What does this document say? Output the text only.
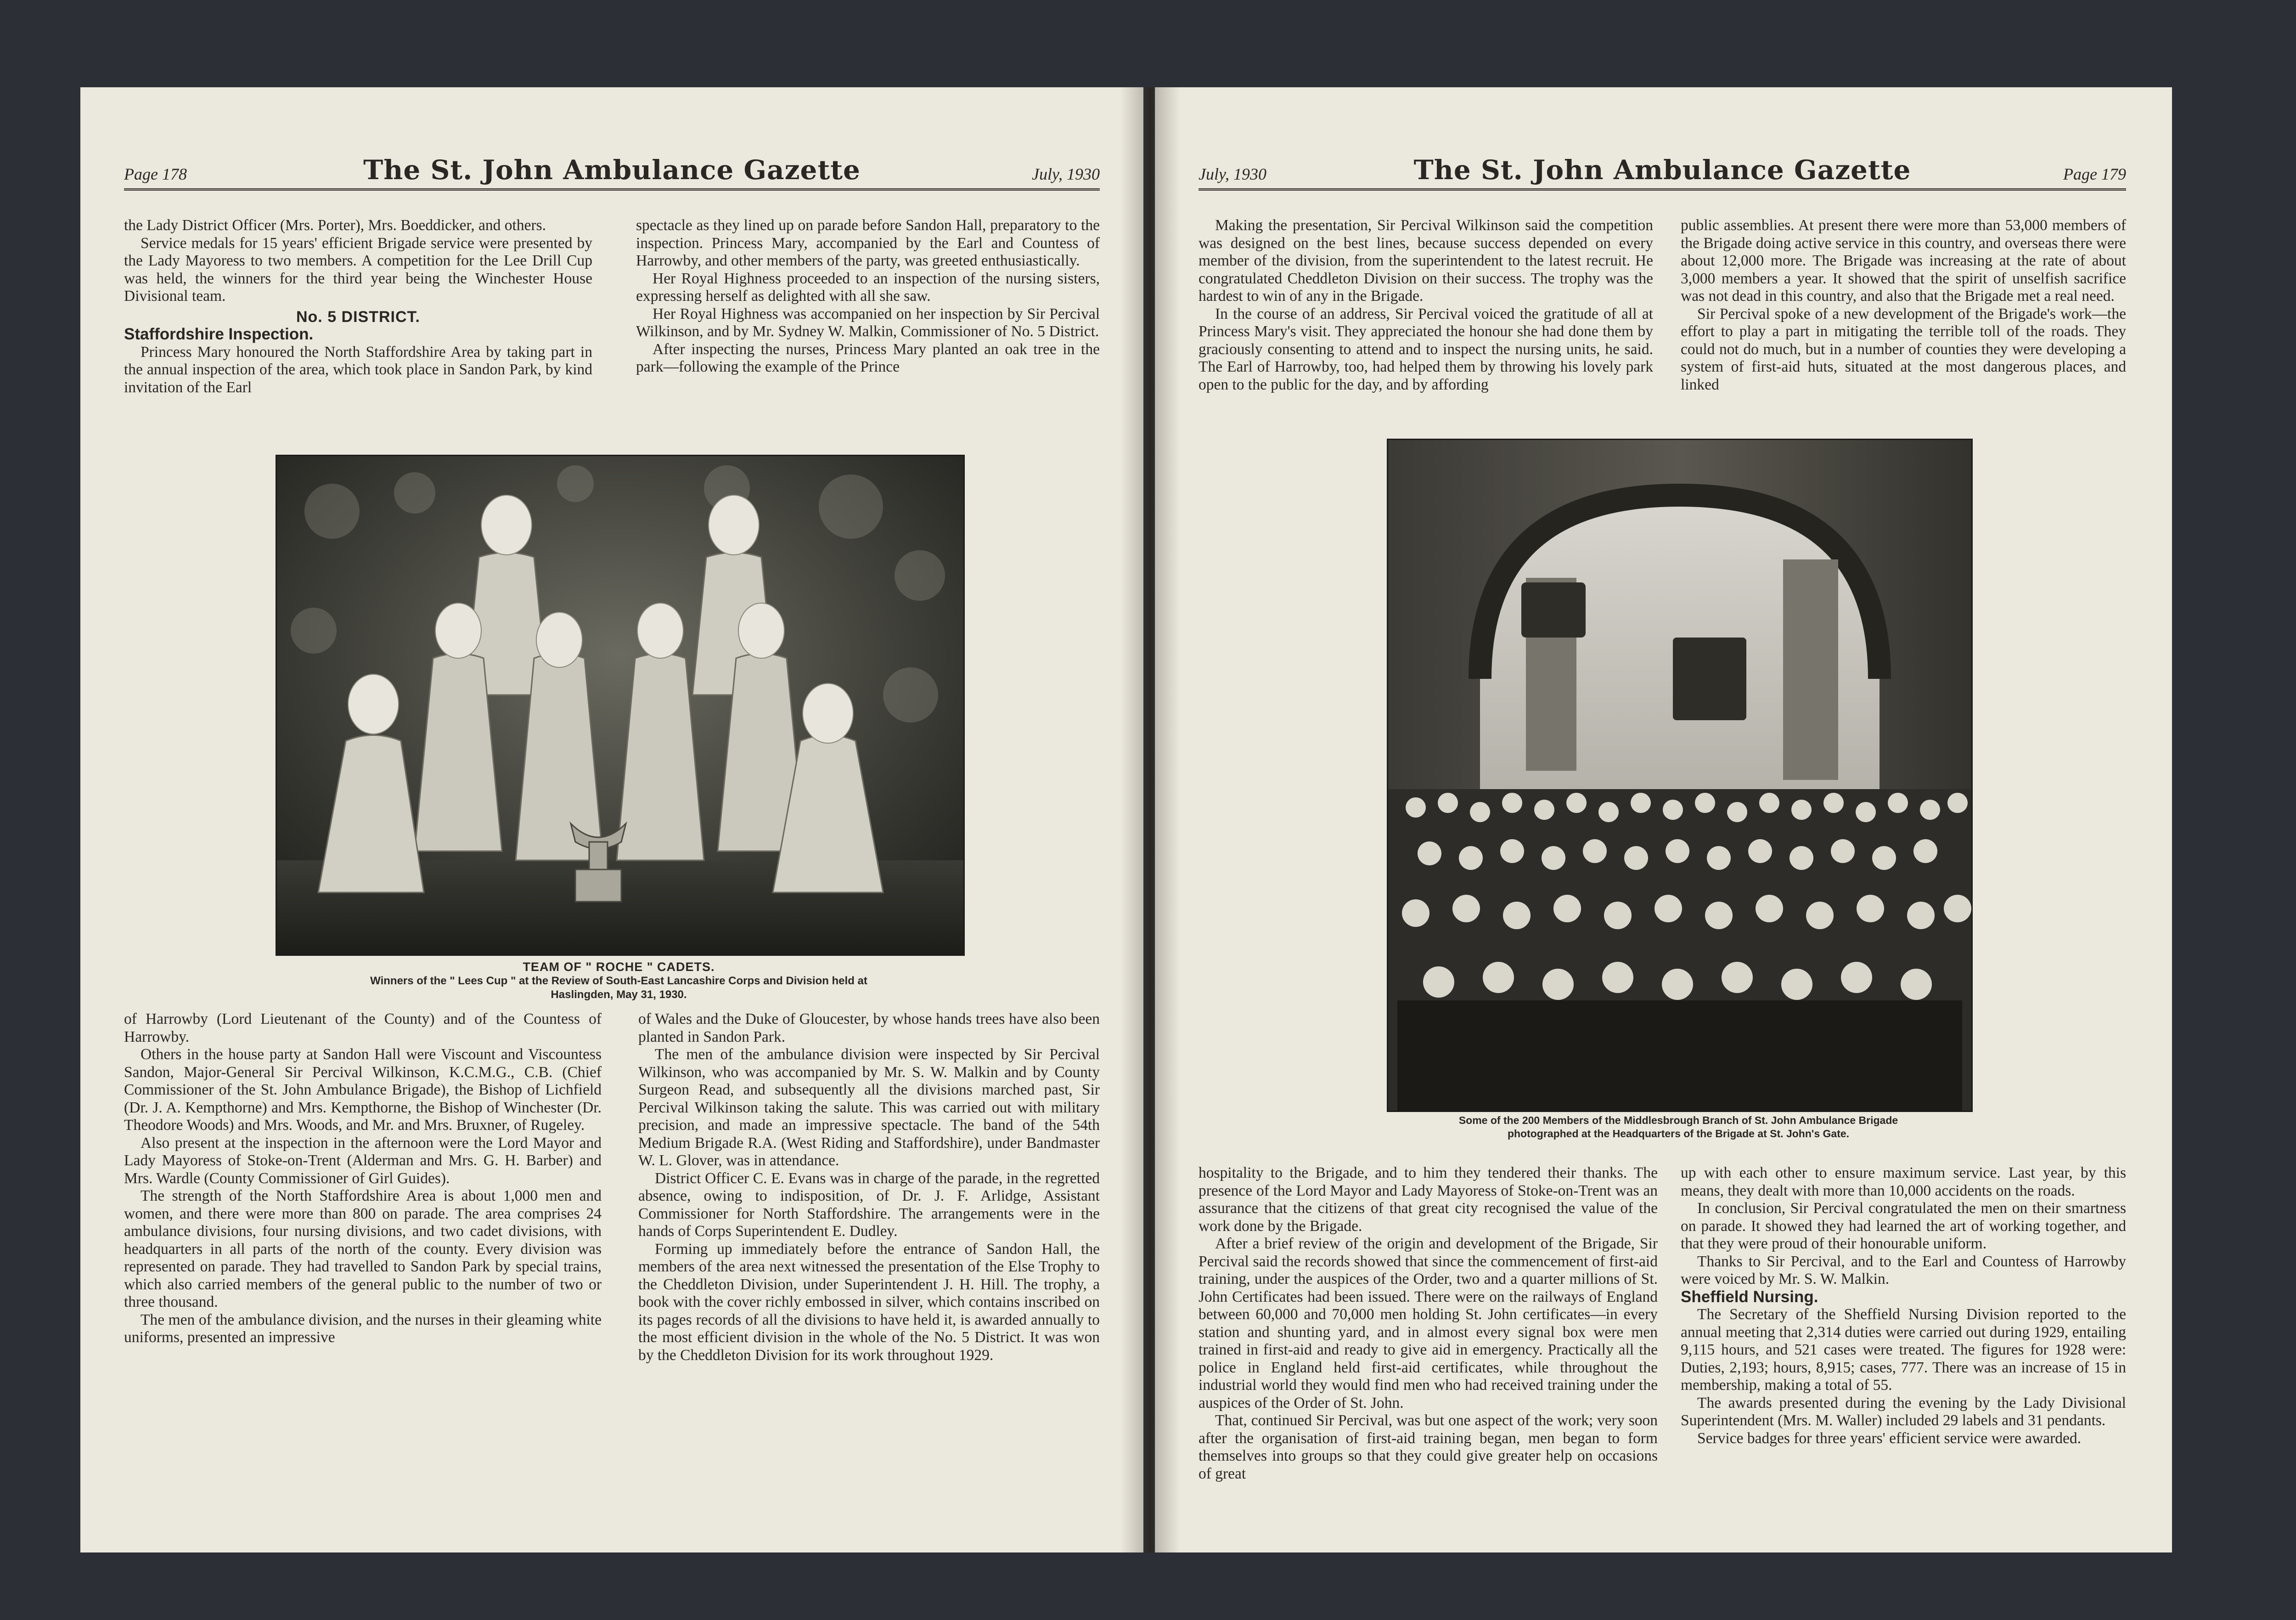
Page 178	The St. John Ambulance Gazette	July, 1930

the Lady District Officer (Mrs. Porter), Mrs. Boeddicker, and others.

Service medals for 15 years' efficient Brigade service were presented by the Lady Mayoress to two members. A competition for the Lee Drill Cup was held, the winners for the third year being the Winchester House Divisional team.

No. 5 DISTRICT.
Staffordshire Inspection.

Princess Mary honoured the North Staffordshire Area by taking part in the annual inspection of the area, which took place in Sandon Park, by kind invitation of the Earl

spectacle as they lined up on parade before Sandon Hall, preparatory to the inspection. Princess Mary, accompanied by the Earl and Countess of Harrowby, and other members of the party, was greeted enthusiastically.

Her Royal Highness proceeded to an inspection of the nursing sisters, expressing herself as delighted with all she saw.

Her Royal Highness was accompanied on her inspection by Sir Percival Wilkinson, and by Mr. Sydney W. Malkin, Commissioner of No. 5 District.

After inspecting the nurses, Princess Mary planted an oak tree in the park—following the example of the Prince

TEAM OF " ROCHE " CADETS.
Winners of the " Lees Cup " at the Review of South-East Lancashire Corps and Division held at
Haslingden, May 31, 1930.

of Harrowby (Lord Lieutenant of the County) and of the Countess of Harrowby.

Others in the house party at Sandon Hall were Viscount and Viscountess Sandon, Major-General Sir Percival Wilkinson, K.C.M.G., C.B. (Chief Commissioner of the St. John Ambulance Brigade), the Bishop of Lichfield (Dr. J. A. Kempthorne) and Mrs. Kempthorne, the Bishop of Winchester (Dr. Theodore Woods) and Mrs. Woods, and Mr. and Mrs. Bruxner, of Rugeley.

Also present at the inspection in the afternoon were the Lord Mayor and Lady Mayoress of Stoke-on-Trent (Alderman and Mrs. G. H. Barber) and Mrs. Wardle (County Commissioner of Girl Guides).

The strength of the North Staffordshire Area is about 1,000 men and women, and there were more than 800 on parade. The area comprises 24 ambulance divisions, four nursing divisions, and two cadet divisions, with headquarters in all parts of the north of the county. Every division was represented on parade. They had travelled to Sandon Park by special trains, which also carried members of the general public to the number of two or three thousand.

The men of the ambulance division, and the nurses in their gleaming white uniforms, presented an impressive

of Wales and the Duke of Gloucester, by whose hands trees have also been planted in Sandon Park.

The men of the ambulance division were inspected by Sir Percival Wilkinson, who was accompanied by Mr. S. W. Malkin and by County Surgeon Read, and subsequently all the divisions marched past, Sir Percival Wilkinson taking the salute. This was carried out with military precision, and made an impressive spectacle. The band of the 54th Medium Brigade R.A. (West Riding and Staffordshire), under Bandmaster W. L. Glover, was in attendance.

District Officer C. E. Evans was in charge of the parade, in the regretted absence, owing to indisposition, of Dr. J. F. Arlidge, Assistant Commissioner for North Staffordshire. The arrangements were in the hands of Corps Superintendent E. Dudley.

Forming up immediately before the entrance of Sandon Hall, the members of the area next witnessed the presentation of the Else Trophy to the Cheddleton Division, under Superintendent J. H. Hill. The trophy, a book with the cover richly embossed in silver, which contains inscribed on its pages records of all the divisions to have held it, is awarded annually to the most efficient division in the whole of the No. 5 District. It was won by the Cheddleton Division for its work throughout 1929.

July, 1930	The St. John Ambulance Gazette	Page 179

Making the presentation, Sir Percival Wilkinson said the competition was designed on the best lines, because success depended on every member of the division, from the superintendent to the latest recruit. He congratulated Cheddleton Division on their success. The trophy was the hardest to win of any in the Brigade.

In the course of an address, Sir Percival voiced the gratitude of all at Princess Mary's visit. They appreciated the honour she had done them by graciously consenting to attend and to inspect the nursing units, he said. The Earl of Harrowby, too, had helped them by throwing his lovely park open to the public for the day, and by affording

public assemblies. At present there were more than 53,000 members of the Brigade doing active service in this country, and overseas there were about 12,000 more. The Brigade was increasing at the rate of about 3,000 members a year. It showed that the spirit of unselfish sacrifice was not dead in this country, and also that the Brigade met a real need.

Sir Percival spoke of a new development of the Brigade's work—the effort to play a part in mitigating the terrible toll of the roads. They could not do much, but in a number of counties they were developing a system of first-aid huts, situated at the most dangerous places, and linked

Some of the 200 Members of the Middlesbrough Branch of St. John Ambulance Brigade
photographed at the Headquarters of the Brigade at St. John's Gate.

hospitality to the Brigade, and to him they tendered their thanks. The presence of the Lord Mayor and Lady Mayoress of Stoke-on-Trent was an assurance that the citizens of that great city recognised the value of the work done by the Brigade.

After a brief review of the origin and development of the Brigade, Sir Percival said the records showed that since the commencement of first-aid training, under the auspices of the Order, two and a quarter millions of St. John Certificates had been issued. There were on the railways of England between 60,000 and 70,000 men holding St. John certificates—in every station and shunting yard, and in almost every signal box were men trained in first-aid and ready to give aid in emergency. Practically all the police in England held first-aid certificates, while throughout the industrial world they would find men who had received training under the auspices of the Order of St. John.

That, continued Sir Percival, was but one aspect of the work; very soon after the organisation of first-aid training began, men began to form themselves into groups so that they could give greater help on occasions of great

up with each other to ensure maximum service. Last year, by this means, they dealt with more than 10,000 accidents on the roads.

In conclusion, Sir Percival congratulated the men on their smartness on parade. It showed they had learned the art of working together, and that they were proud of their honourable uniform.

Thanks to Sir Percival, and to the Earl and Countess of Harrowby were voiced by Mr. S. W. Malkin.

Sheffield Nursing.

The Secretary of the Sheffield Nursing Division reported to the annual meeting that 2,314 duties were carried out during 1929, entailing 9,115 hours, and 521 cases were treated. The figures for 1928 were: Duties, 2,193; hours, 8,915; cases, 777. There was an increase of 15 in membership, making a total of 55.

The awards presented during the evening by the Lady Divisional Superintendent (Mrs. M. Waller) included 29 labels and 31 pendants.

Service badges for three years' efficient service were awarded.
